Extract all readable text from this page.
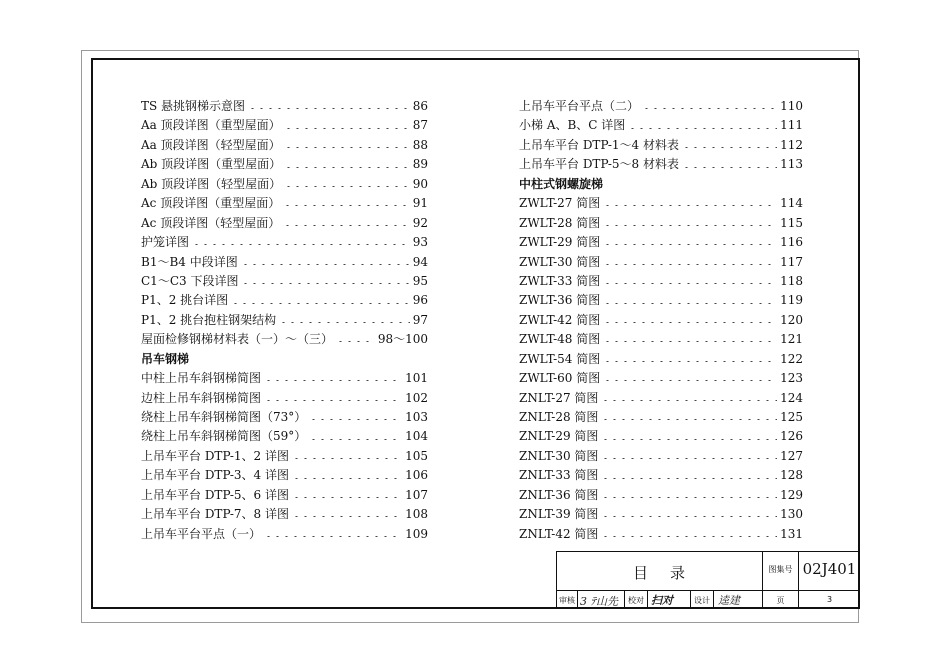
TS 悬挑钢梯示意图	86
Aa 顶段详图（重型屋面）	87
Aa 顶段详图（轻型屋面）	88
Ab 顶段详图（重型屋面）	89
Ab 顶段详图（轻型屋面）	90
Ac 顶段详图（重型屋面）	91
Ac 顶段详图（轻型屋面）	92
护笼详图	93
B1～B4 中段详图	94
C1～C3 下段详图	95
P1、2 挑台详图	96
P1、2 挑台抱柱钢架结构	97
屋面检修钢梯材料表（一）～（三）	98～100
吊车钢梯
中柱上吊车斜钢梯简图	101
边柱上吊车斜钢梯简图	102
绕柱上吊车斜钢梯简图（73°）	103
绕柱上吊车斜钢梯简图（59°）	104
上吊车平台 DTP-1、2 详图	105
上吊车平台 DTP-3、4 详图	106
上吊车平台 DTP-5、6 详图	107
上吊车平台 DTP-7、8 详图	108
上吊车平台平点（一）	109
上吊车平台平点（二）	110
小梯 A、B、C 详图	111
上吊车平台 DTP-1～4 材料表	112
上吊车平台 DTP-5～8 材料表	113
中柱式钢螺旋梯
ZWLT-27 简图	114
ZWLT-28 简图	115
ZWLT-29 简图	116
ZWLT-30 简图	117
ZWLT-33 简图	118
ZWLT-36 简图	119
ZWLT-42 简图	120
ZWLT-48 简图	121
ZWLT-54 简图	122
ZWLT-60 简图	123
ZNLT-27 简图	124
ZNLT-28 简图	125
ZNLT-29 简图	126
ZNLT-30 简图	127
ZNLT-33 简图	128
ZNLT-36 简图	129
ZNLT-39 简图	130
ZNLT-42 简图	131
目录	图集号 02J401
审核 3 ﾃ山先	校对 扫对	设计 逵建	页	3
